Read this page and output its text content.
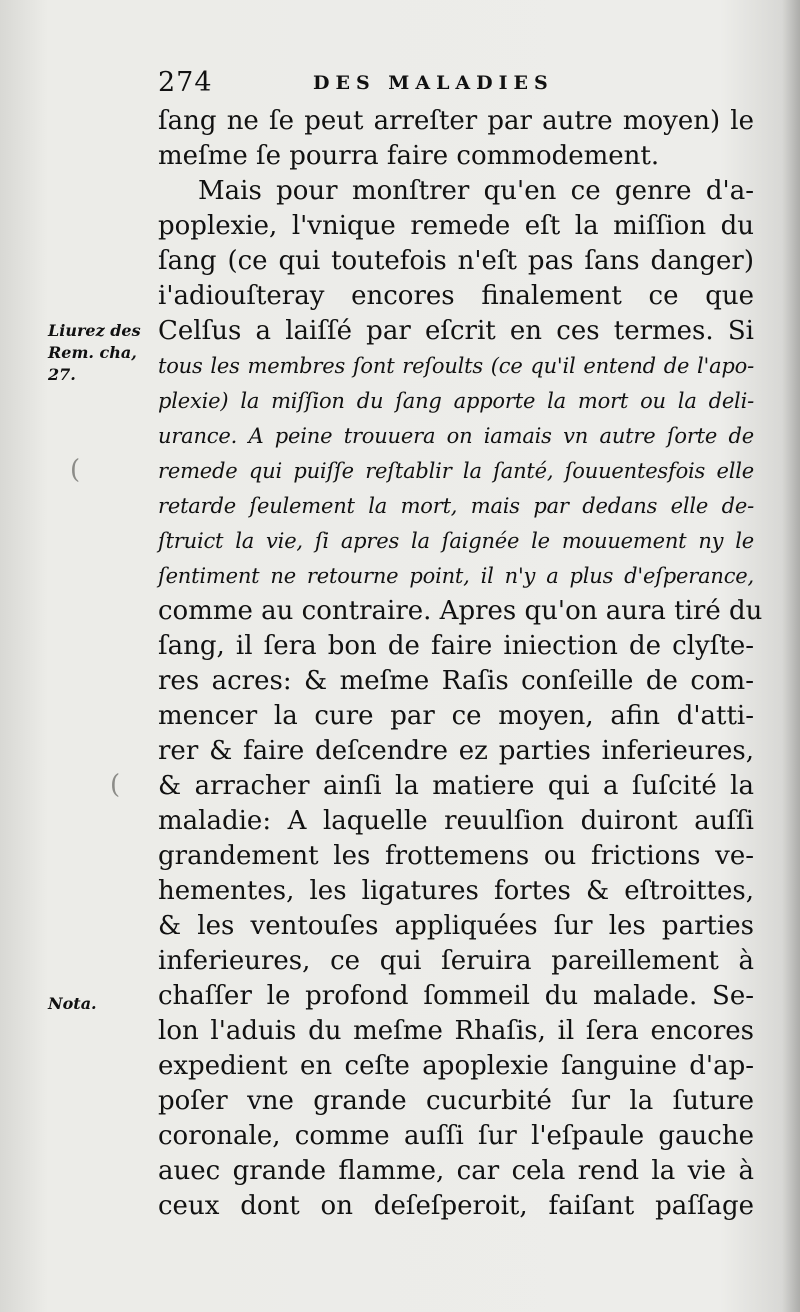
(
(
274	DES MALADIES
Liurez des
Rem. cha,
27.
Nota.
ſang ne ſe peut arreſter par autre moyen) le
meſme ſe pourra faire commodement.
Mais pour monſtrer qu'en ce genre d'a-
poplexie, l'vnique remede eſt la miſſion du
ſang (ce qui toutefois n'eſt pas ſans danger)
i'adiouſteray encores finalement ce que
Celſus a laiſſé par eſcrit en ces termes. Si
tous les membres ſont reſoults (ce qu'il entend de l'apo-
plexie) la miſſion du ſang apporte la mort ou la deli-
urance. A peine trouuera on iamais vn autre ſorte de
remede qui puiſſe reſtablir la ſanté, ſouuentesfois elle
retarde ſeulement la mort, mais par dedans elle de-
ſtruict la vie, ſi apres la ſaignée le mouuement ny le
ſentiment ne retourne point, il n'y a plus d'eſperance,
comme au contraire. Apres qu'on aura tiré du
ſang, il ſera bon de faire iniection de clyſte-
res acres: & meſme Raſis conſeille de com-
mencer la cure par ce moyen, afin d'atti-
rer & faire deſcendre ez parties inferieures,
& arracher ainſi la matiere qui a ſuſcité la
maladie: A laquelle reuulſion duiront auſſi
grandement les frottemens ou frictions ve-
hementes, les ligatures fortes & eſtroittes,
& les ventouſes appliquées ſur les parties
inferieures, ce qui ſeruira pareillement à
chaſſer le profond ſommeil du malade. Se-
lon l'aduis du meſme Rhaſis, il ſera encores
expedient en ceſte apoplexie ſanguine d'ap-
poſer vne grande cucurbité ſur la ſuture
coronale, comme auſſi ſur l'eſpaule gauche
auec grande flamme, car cela rend la vie à
ceux dont on deſeſperoit, faiſant paſſage
